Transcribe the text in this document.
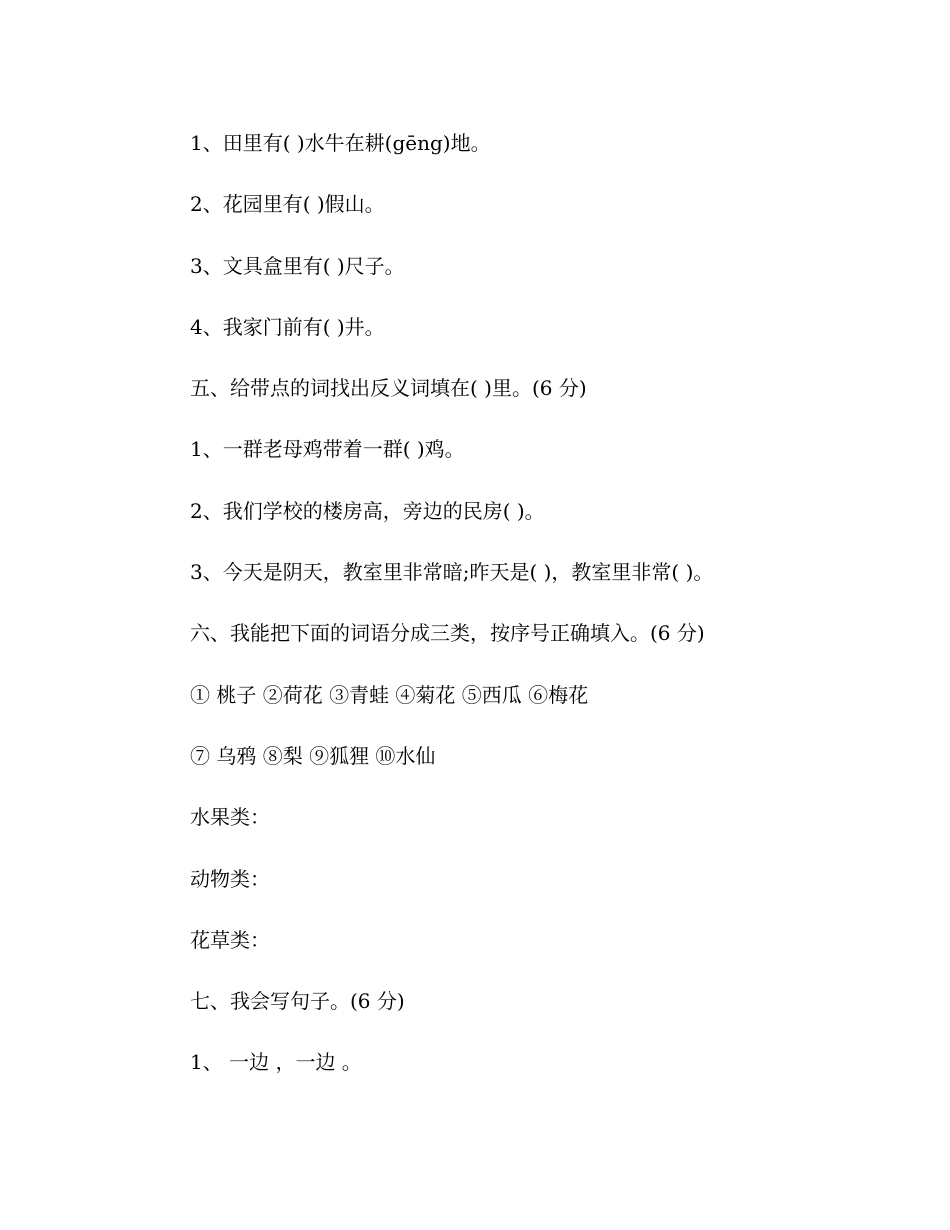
1、田里有( )水牛在耕(gēng)地。
2、花园里有( )假山。
3、文具盒里有( )尺子。
4、我家门前有( )井。
五、给带点的词找出反义词填在( )里。(6 分)
1、一群老母鸡带着一群( )鸡。
2、我们学校的楼房高，旁边的民房( )。
3、今天是阴天，教室里非常暗;昨天是( )，教室里非常( )。
六、我能把下面的词语分成三类，按序号正确填入。(6 分)
① 桃子 ②荷花 ③青蛙 ④菊花 ⑤西瓜 ⑥梅花
⑦ 乌鸦 ⑧梨 ⑨狐狸 ⑩水仙
水果类：
动物类：
花草类：
七、我会写句子。(6 分)
1、 一边 ，一边 。
